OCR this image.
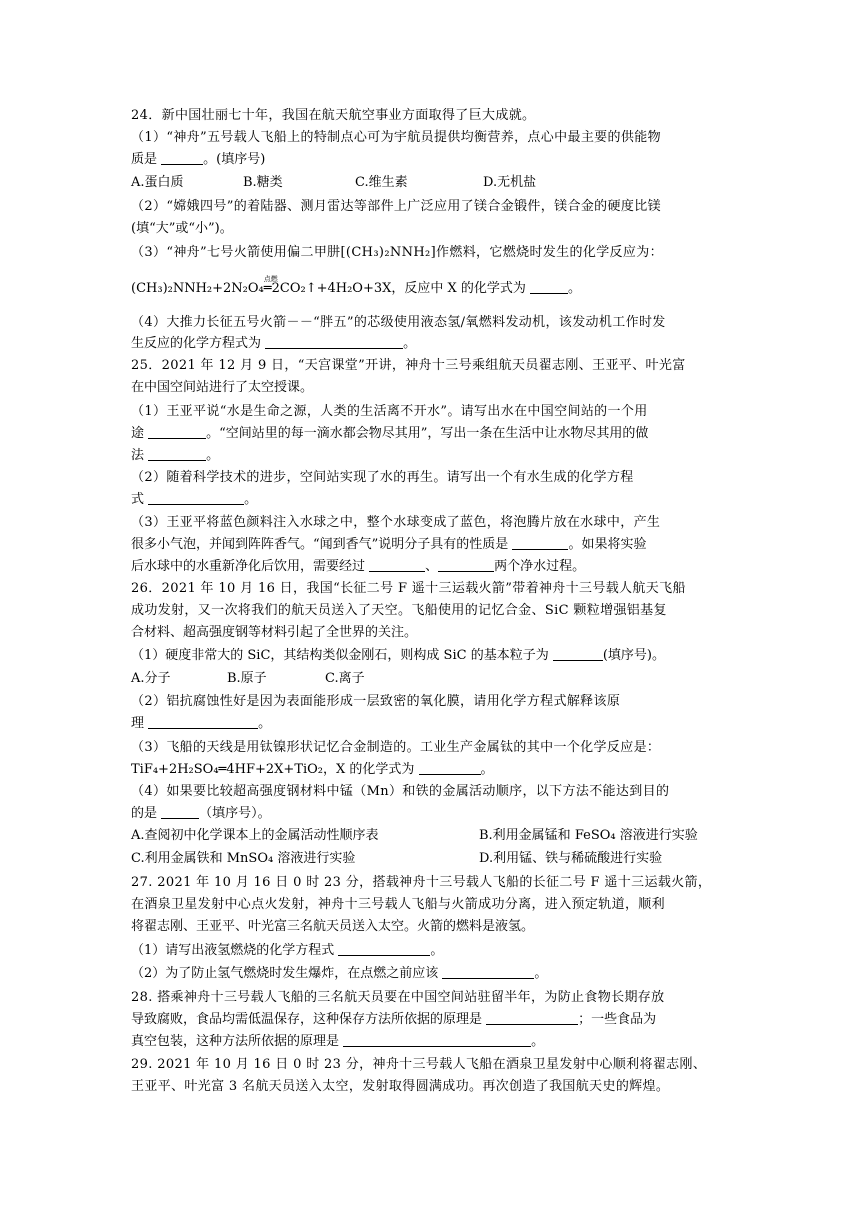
24．新中国壮丽七十年，我国在航天航空事业方面取得了巨大成就。
（1）“神舟”五号载人飞船上的特制点心可为宇航员提供均衡营养，点心中最主要的供能物
质是	。(填序号)

A.蛋白质

	B.糖类

	C.维生素

	D.无机盐

（2）“嫦娥四号”的着陆器、测月雷达等部件上广泛应用了镁合金锻件，镁合金的硬度比镁
(填“大”或“小”)。
（3）“神舟”七号火箭使用偏二甲肼[(CH₃)₂NNH₂]作燃料，它燃烧时发生的化学反应为：
(CH₃)₂NNH₂+2N₂O₄
点燃
═2CO₂↑+4H₂O+3X，反应中 X 的化学式为	。
（4）大推力长征五号火箭－－“胖五”的芯级使用液态氢/氧燃料发动机，该发动机工作时发
生反应的化学方程式为	。
25．2021 年 12 月 9 日，“天宫课堂”开讲，神舟十三号乘组航天员翟志刚、王亚平、叶光富
在中国空间站进行了太空授课。
（1）王亚平说“水是生命之源，人类的生活离不开水”。请写出水在中国空间站的一个用
途	。“空间站里的每一滴水都会物尽其用”，写出一条在生活中让水物尽其用的做
法	。
（2）随着科学技术的进步，空间站实现了水的再生。请写出一个有水生成的化学方程
式	。
（3）王亚平将蓝色颜料注入水球之中，整个水球变成了蓝色，将泡腾片放在水球中，产生
很多小气泡，并闻到阵阵香气。“闻到香气”说明分子具有的性质是	。如果将实验
后水球中的水重新净化后饮用，需要经过	、	两个净水过程。
26．2021 年 10 月 16 日，我国“长征二号 F 遥十三运载火箭”带着神舟十三号载人航天飞船
成功发射，又一次将我们的航天员送入了天空。飞船使用的记忆合金、SiC 颗粒增强铝基复
合材料、超高强度钢等材料引起了全世界的关注。
（1）硬度非常大的 SiC，其结构类似金刚石，则构成 SiC 的基本粒子为	(填序号)。

A.分子

	B.原子

	C.离子

（2）铝抗腐蚀性好是因为表面能形成一层致密的氧化膜，请用化学方程式解释该原
理	。
（3）飞船的天线是用钛镍形状记忆合金制造的。工业生产金属钛的其中一个化学反应是：
TiF₄+2H₂SO₄═4HF+2X+TiO₂，X 的化学式为	。
（4）如果要比较超高强度钢材料中锰（Mn）和铁的金属活动顺序，以下方法不能达到目的
的是	（填序号）。

A.查阅初中化学课本上的金属活动性顺序表

	B.利用金属锰和 FeSO₄ 溶液进行实验

C.利用金属铁和 MnSO₄ 溶液进行实验

	D.利用锰、铁与稀硫酸进行实验

27. 2021 年 10 月 16 日 0 时 23 分，搭载神舟十三号载人飞船的长征二号 F 遥十三运载火箭，
在酒泉卫星发射中心点火发射，神舟十三号载人飞船与火箭成功分离，进入预定轨道，顺利
将翟志刚、王亚平、叶光富三名航天员送入太空。火箭的燃料是液氢。
（1）请写出液氢燃烧的化学方程式	。
（2）为了防止氢气燃烧时发生爆炸，在点燃之前应该	。
28. 搭乘神舟十三号载人飞船的三名航天员要在中国空间站驻留半年，为防止食物长期存放
导致腐败，食品均需低温保存，这种保存方法所依据的原理是	；一些食品为
真空包装，这种方法所依据的原理是	。
29. 2021 年 10 月 16 日 0 时 23 分，神舟十三号载人飞船在酒泉卫星发射中心顺利将翟志刚、
王亚平、叶光富 3 名航天员送入太空，发射取得圆满成功。再次创造了我国航天史的辉煌。
